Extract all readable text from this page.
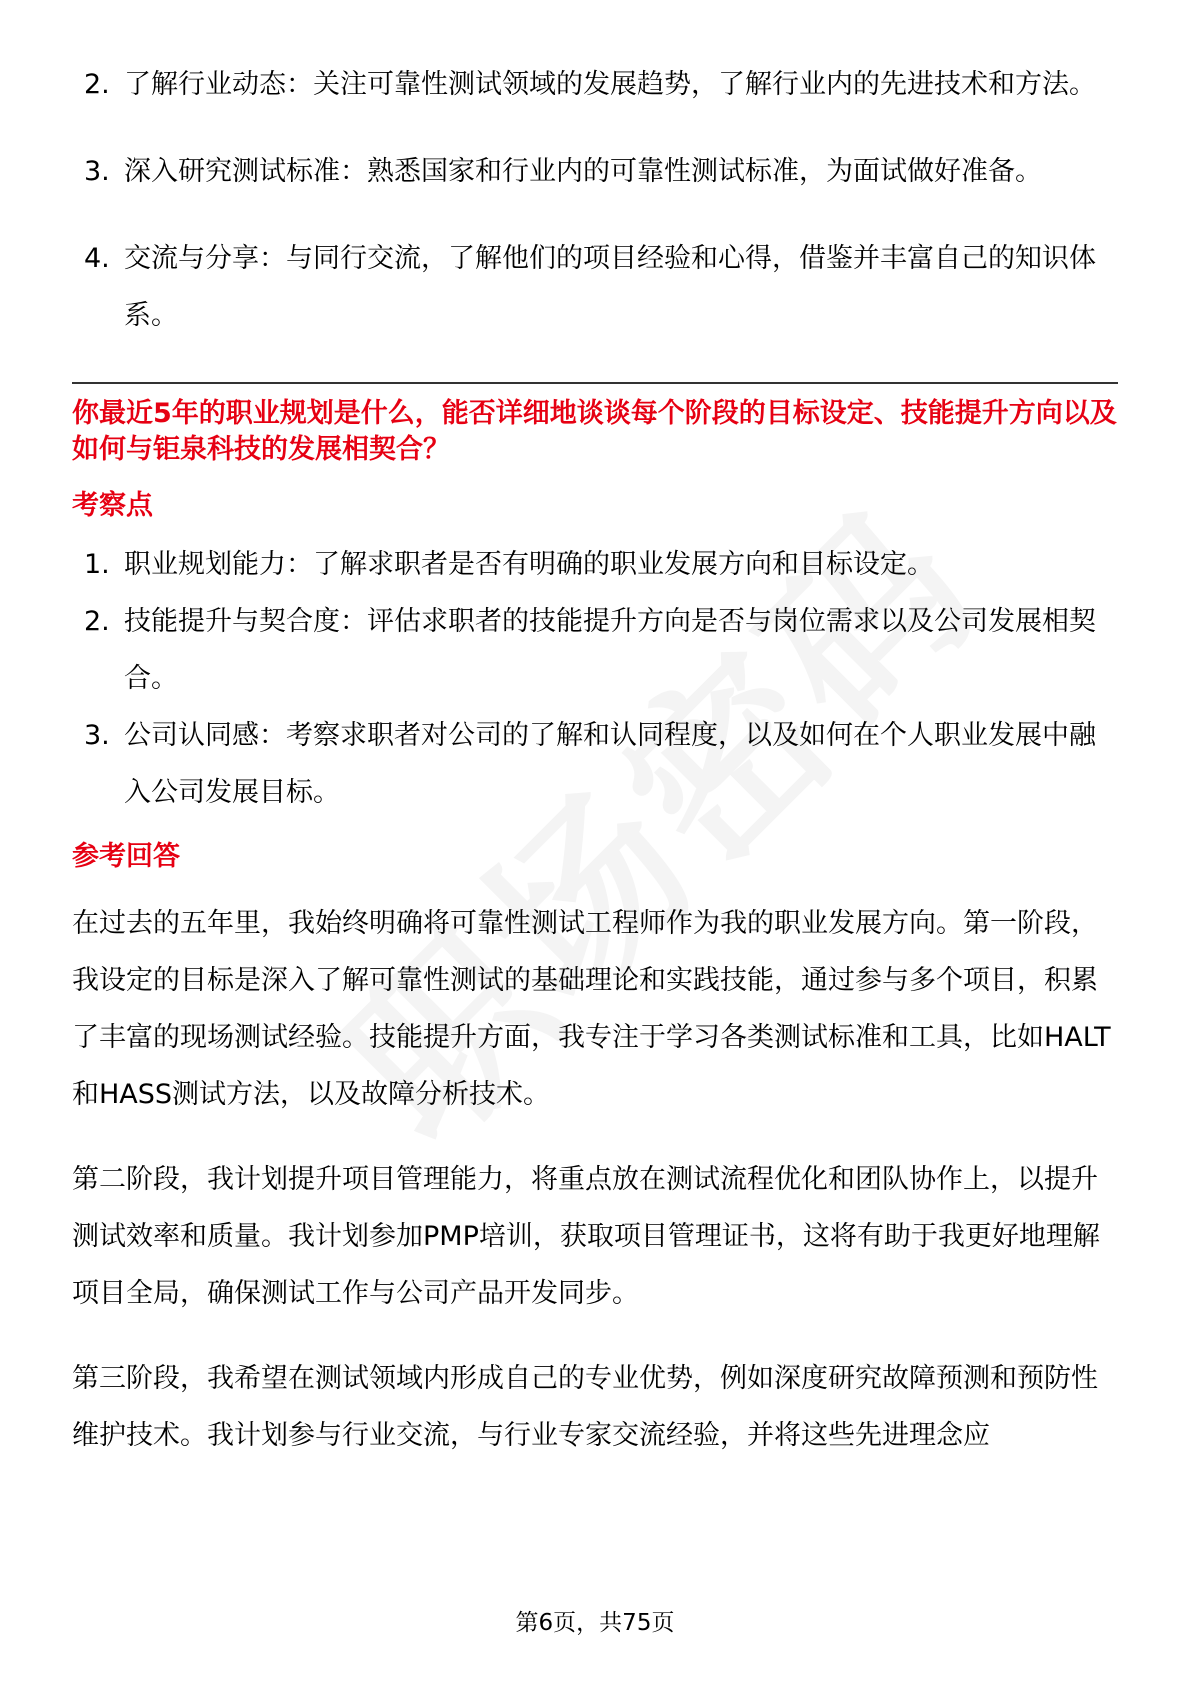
2. 了解行业动态：关注可靠性测试领域的发展趋势，了解行业内的先进技术和方法。
3. 深入研究测试标准：熟悉国家和行业内的可靠性测试标准，为面试做好准备。
4. 交流与分享：与同行交流，了解他们的项目经验和心得，借鉴并丰富自己的知识体系。

你最近5年的职业规划是什么，能否详细地谈谈每个阶段的目标设定、技能提升方向以及如何与钜泉科技的发展相契合？

考察点
1. 职业规划能力：了解求职者是否有明确的职业发展方向和目标设定。
2. 技能提升与契合度：评估求职者的技能提升方向是否与岗位需求以及公司发展相契合。
3. 公司认同感：考察求职者对公司的了解和认同程度，以及如何在个人职业发展中融入公司发展目标。
参考回答

在过去的五年里，我始终明确将可靠性测试工程师作为我的职业发展方向。第一阶段，我设定的目标是深入了解可靠性测试的基础理论和实践技能，通过参与多个项目，积累了丰富的现场测试经验。技能提升方面，我专注于学习各类测试标准和工具，比如HALT和HASS测试方法，以及故障分析技术。

第二阶段，我计划提升项目管理能力，将重点放在测试流程优化和团队协作上，以提升测试效率和质量。我计划参加PMP培训，获取项目管理证书，这将有助于我更好地理解项目全局，确保测试工作与公司产品开发同步。

第三阶段，我希望在测试领域内形成自己的专业优势，例如深度研究故障预测和预防性维护技术。我计划参与行业交流，与行业专家交流经验，并将这些先进理念应

第6页，共75页
